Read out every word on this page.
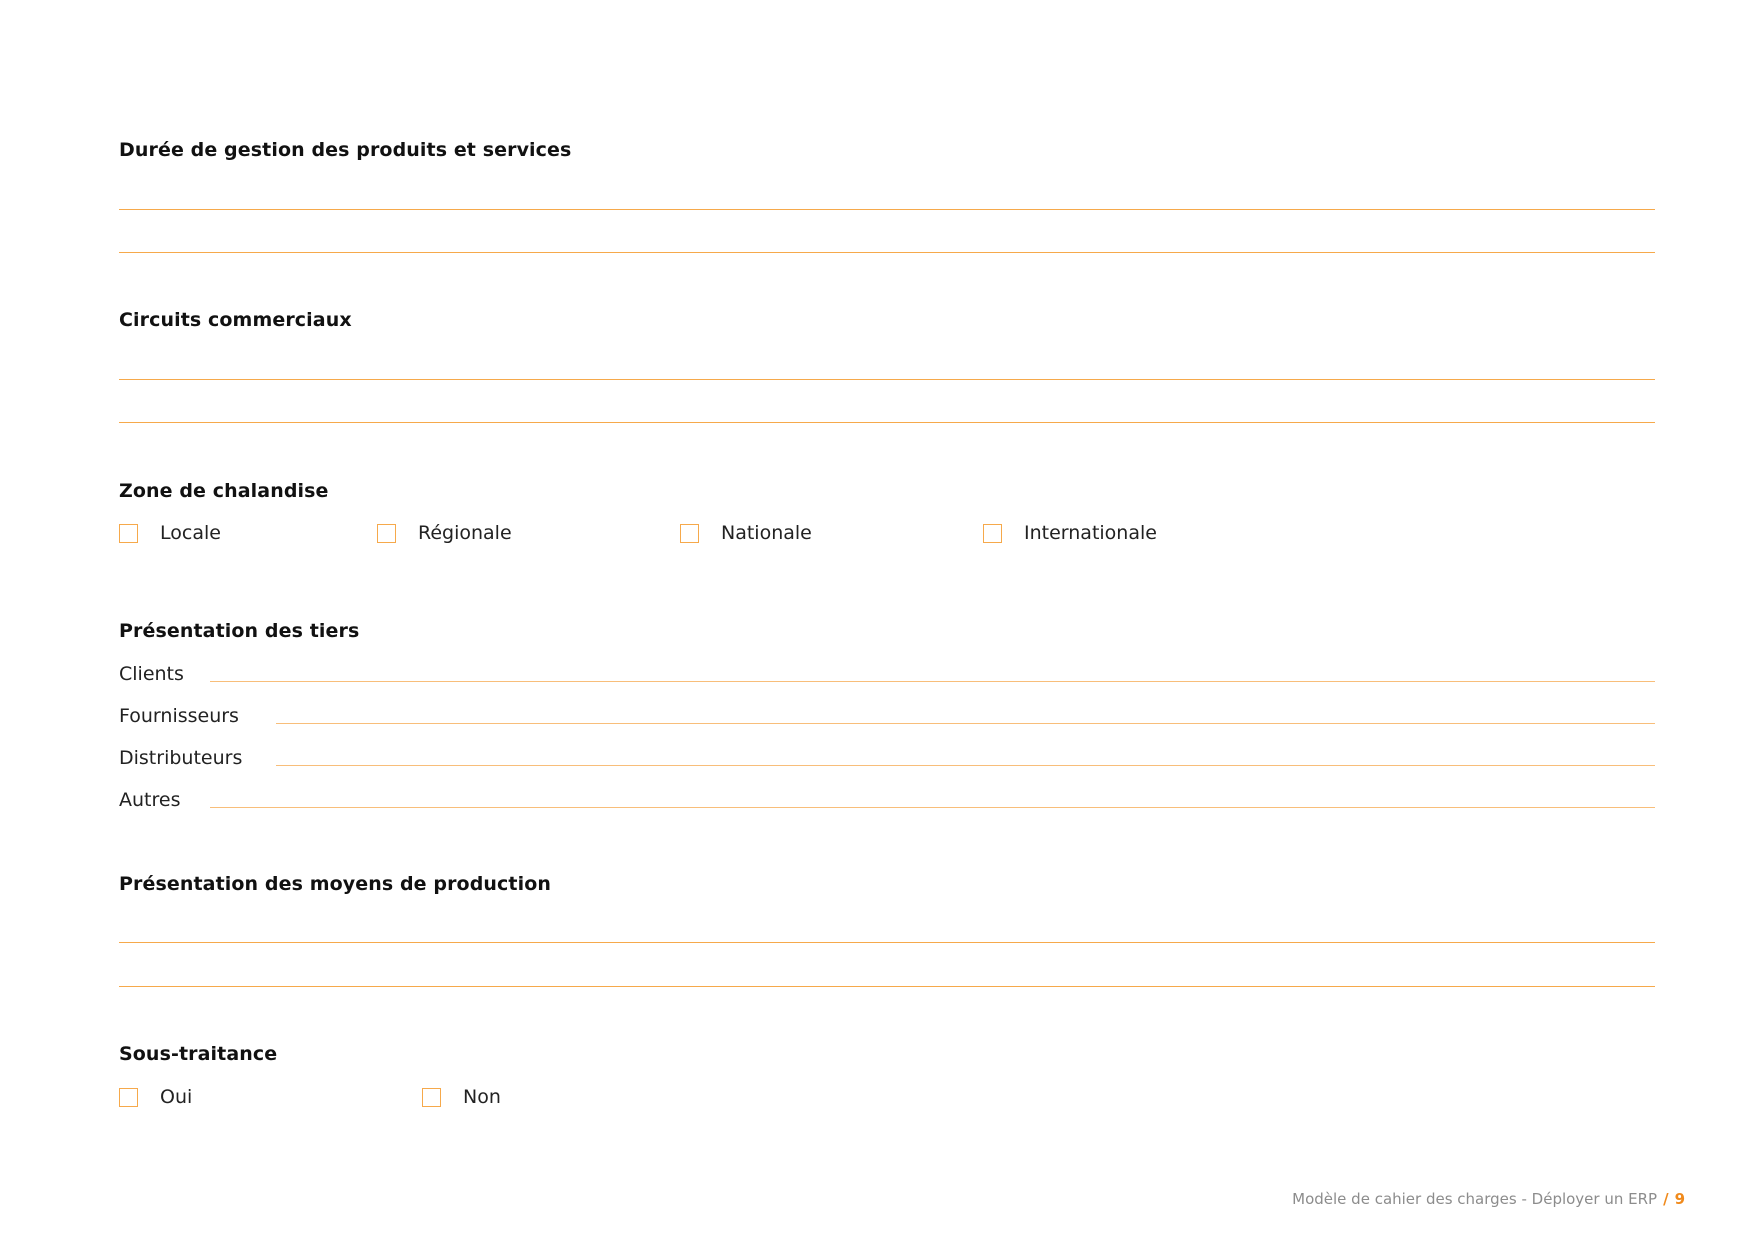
Durée de gestion des produits et services
Circuits commerciaux
Zone de chalandise
Locale	Régionale	Nationale	Internationale
Présentation des tiers
Clients
Fournisseurs
Distributeurs
Autres
Présentation des moyens de production
Sous-traitance
Oui	Non
Modèle de cahier des charges - Déployer un ERP / 9
